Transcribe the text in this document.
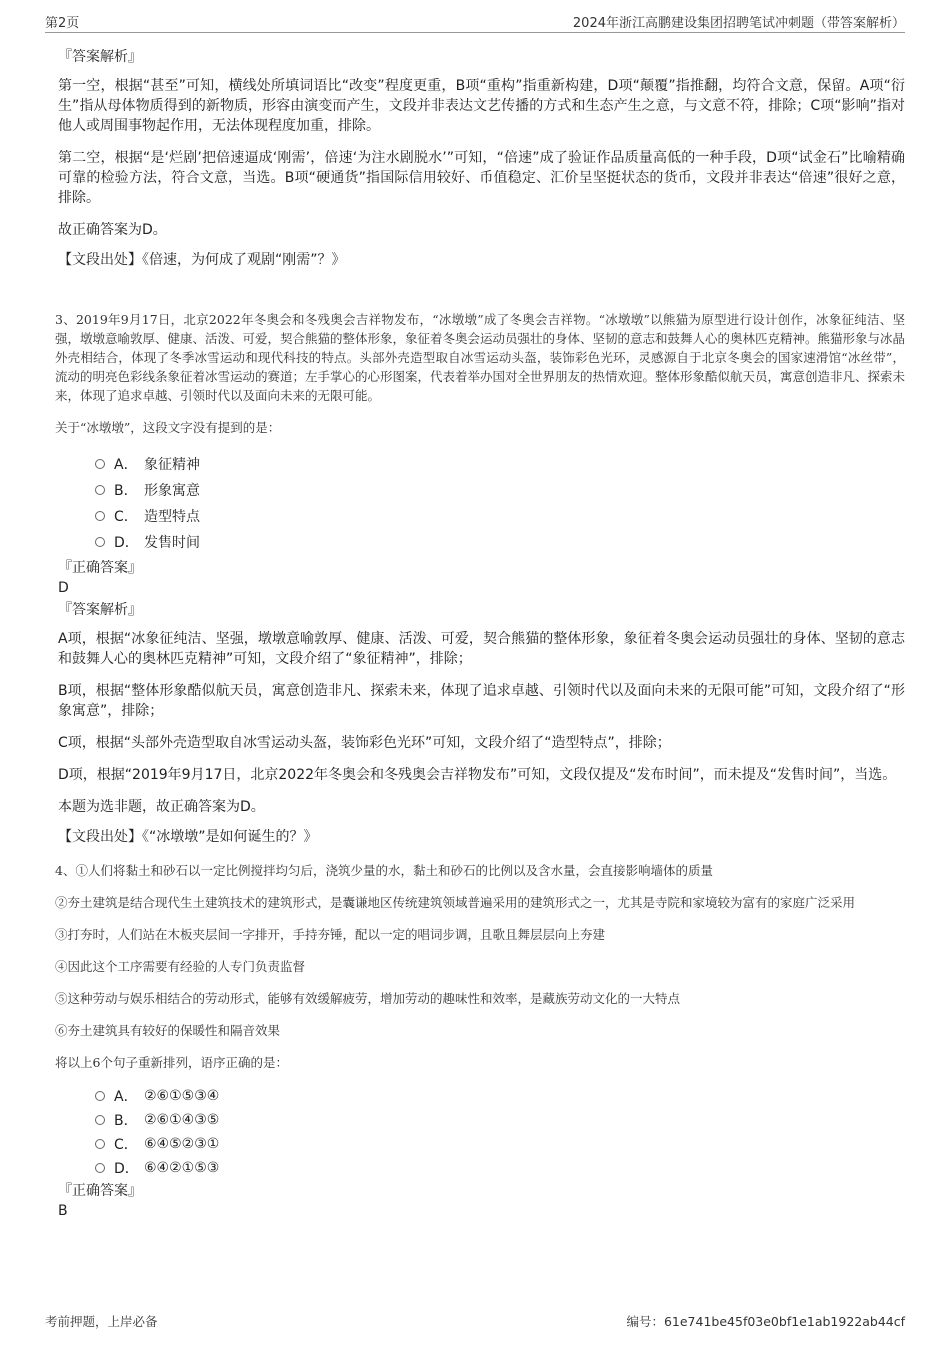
第2页	2024年浙江高鹏建设集团招聘笔试冲刺题（带答案解析）
『答案解析』

第一空，根据“甚至”可知，横线处所填词语比“改变”程度更重，B项“重构”指重新构建，D项“颠覆”指推翻，均符合文意，保留。A项“衍生”指从母体物质得到的新物质，形容由演变而产生，文段并非表达文艺传播的方式和生态产生之意，与文意不符，排除；C项“影响”指对他人或周围事物起作用，无法体现程度加重，排除。

第二空，根据“是‘烂剧’把倍速逼成‘刚需’，倍速‘为注水剧脱水’”可知，“倍速”成了验证作品质量高低的一种手段，D项“试金石”比喻精确可靠的检验方法，符合文意，当选。B项“硬通货”指国际信用较好、币值稳定、汇价呈坚挺状态的货币，文段并非表达“倍速”很好之意，排除。

故正确答案为D。

【文段出处】《倍速，为何成了观剧“刚需”？》

3、2019年9月17日，北京2022年冬奥会和冬残奥会吉祥物发布，“冰墩墩”成了冬奥会吉祥物。“冰墩墩”以熊猫为原型进行设计创作，冰象征纯洁、坚强，墩墩意喻敦厚、健康、活泼、可爱，契合熊猫的整体形象，象征着冬奥会运动员强壮的身体、坚韧的意志和鼓舞人心的奥林匹克精神。熊猫形象与冰晶外壳相结合，体现了冬季冰雪运动和现代科技的特点。头部外壳造型取自冰雪运动头盔，装饰彩色光环，灵感源自于北京冬奥会的国家速滑馆“冰丝带”，流动的明亮色彩线条象征着冰雪运动的赛道；左手掌心的心形图案，代表着举办国对全世界朋友的热情欢迎。整体形象酷似航天员，寓意创造非凡、探索未来，体现了追求卓越、引领时代以及面向未来的无限可能。

关于“冰墩墩”，这段文字没有提到的是：

A． 象征精神
B． 形象寓意
C． 造型特点
D． 发售时间
『正确答案』
D
『答案解析』

A项，根据“冰象征纯洁、坚强，墩墩意喻敦厚、健康、活泼、可爱，契合熊猫的整体形象，象征着冬奥会运动员强壮的身体、坚韧的意志和鼓舞人心的奥林匹克精神”可知，文段介绍了“象征精神”，排除；

B项，根据“整体形象酷似航天员，寓意创造非凡、探索未来，体现了追求卓越、引领时代以及面向未来的无限可能”可知，文段介绍了“形象寓意”，排除；

C项，根据“头部外壳造型取自冰雪运动头盔，装饰彩色光环”可知，文段介绍了“造型特点”，排除；

D项，根据“2019年9月17日，北京2022年冬奥会和冬残奥会吉祥物发布”可知，文段仅提及“发布时间”，而未提及“发售时间”，当选。

本题为选非题，故正确答案为D。

【文段出处】《“冰墩墩”是如何诞生的？》

4、①人们将黏土和砂石以一定比例搅拌均匀后，浇筑少量的水，黏土和砂石的比例以及含水量，会直接影响墙体的质量

②夯土建筑是结合现代生土建筑技术的建筑形式，是囊谦地区传统建筑领域普遍采用的建筑形式之一，尤其是寺院和家境较为富有的家庭广泛采用

③打夯时，人们站在木板夹层间一字排开，手持夯锤，配以一定的唱词步调，且歌且舞层层向上夯建

④因此这个工序需要有经验的人专门负责监督

⑤这种劳动与娱乐相结合的劳动形式，能够有效缓解疲劳，增加劳动的趣味性和效率，是藏族劳动文化的一大特点

⑥夯土建筑具有较好的保暖性和隔音效果

将以上6个句子重新排列，语序正确的是：

A． ②⑥①⑤③④
B． ②⑥①④③⑤
C． ⑥④⑤②③①
D． ⑥④②①⑤③
『正确答案』
B
考前押题，上岸必备	编号：61e741be45f03e0bf1e1ab1922ab44cf
